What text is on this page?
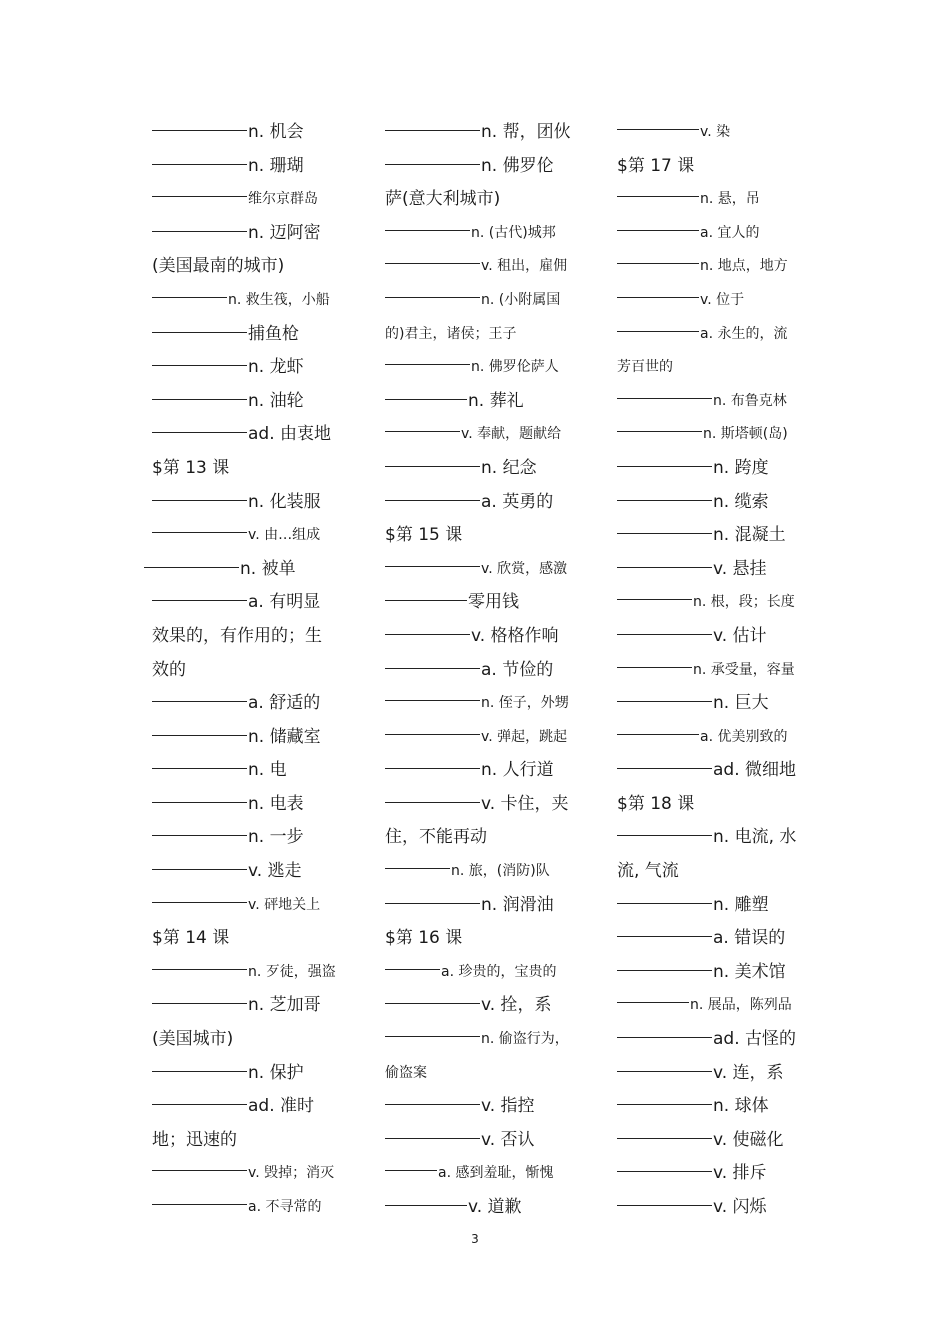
n. 机会
n. 珊瑚
维尔京群岛
n. 迈阿密
(美国最南的城市)
n. 救生筏，小船
捕鱼枪
n. 龙虾
n. 油轮
ad. 由衷地
$第 13 课
n. 化装服
v. 由…组成
n. 被单
a. 有明显
效果的，有作用的；生
效的
a. 舒适的
n. 储藏室
n. 电
n. 电表
n. 一步
v. 逃走
v. 砰地关上
$第 14 课
n. 歹徒，强盗
n. 芝加哥
(美国城市)
n. 保护
ad. 准时
地；迅速的
v. 毁掉；消灭
a. 不寻常的
n. 帮，团伙
n. 佛罗伦
萨(意大利城市)
n. (古代)城邦
v. 租出，雇佣
n. (小附属国
的)君主，诸侯；王子
n. 佛罗伦萨人
n. 葬礼
v. 奉献，题献给
n. 纪念
a. 英勇的
$第 15 课
v. 欣赏，感激
零用钱
v. 格格作响
a. 节俭的
n. 侄子，外甥
v. 弹起，跳起
n. 人行道
v. 卡住，夹
住，不能再动
n. 旅，(消防)队
n. 润滑油
$第 16 课
a. 珍贵的，宝贵的
v. 拴，系
n. 偷盗行为，
偷盗案
v. 指控
v. 否认
a. 感到羞耻，惭愧
v. 道歉
v. 染
$第 17 课
n. 悬，吊
a. 宜人的
n. 地点，地方
v. 位于
a. 永生的，流
芳百世的
n. 布鲁克林
n. 斯塔顿(岛)
n. 跨度
n. 缆索
n. 混凝土
v. 悬挂
n. 根，段；长度
v. 估计
n. 承受量，容量
n. 巨大
a. 优美别致的
ad. 微细地
$第 18 课
n. 电流, 水
流, 气流
n. 雕塑
a. 错误的
n. 美术馆
n. 展品，陈列品
ad. 古怪的
v. 连，系
n. 球体
v. 使磁化
v. 排斥
v. 闪烁
3
